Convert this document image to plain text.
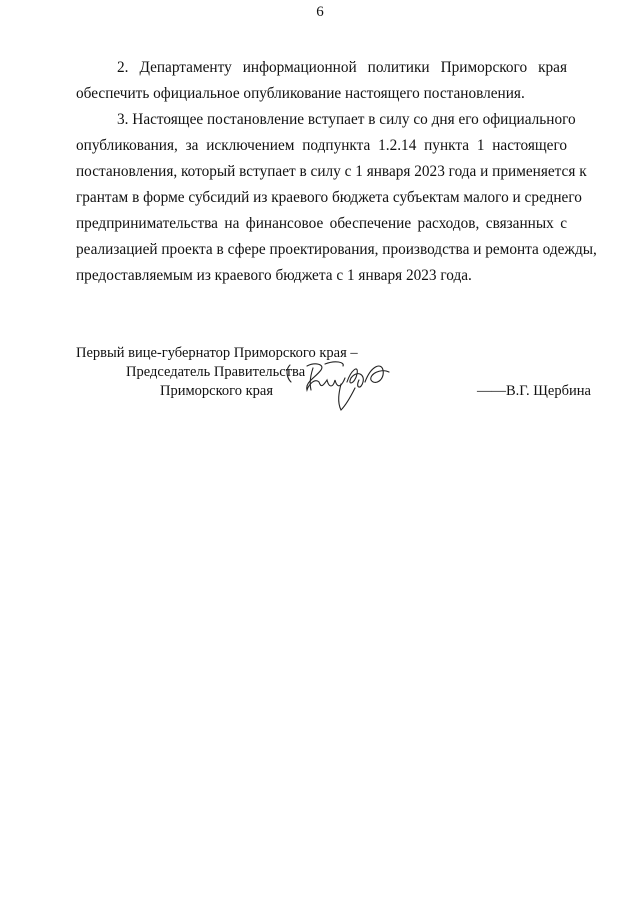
6
2. Департаменту информационной политики Приморского края
обеспечить официальное опубликование настоящего постановления.
3. Настоящее постановление вступает в силу со дня его официального
опубликования, за исключением подпункта 1.2.14 пункта 1 настоящего
постановления, который вступает в силу с 1 января 2023 года и применяется к
грантам в форме субсидий из краевого бюджета субъектам малого и среднего
предпринимательства на финансовое обеспечение расходов, связанных с
реализацией проекта в сфере проектирования, производства и ремонта одежды,
предоставляемым из краевого бюджета с 1 января 2023 года.
Первый вице-губернатор Приморского края –
Председатель Правительства
Приморского края	——В.Г. Щербина
